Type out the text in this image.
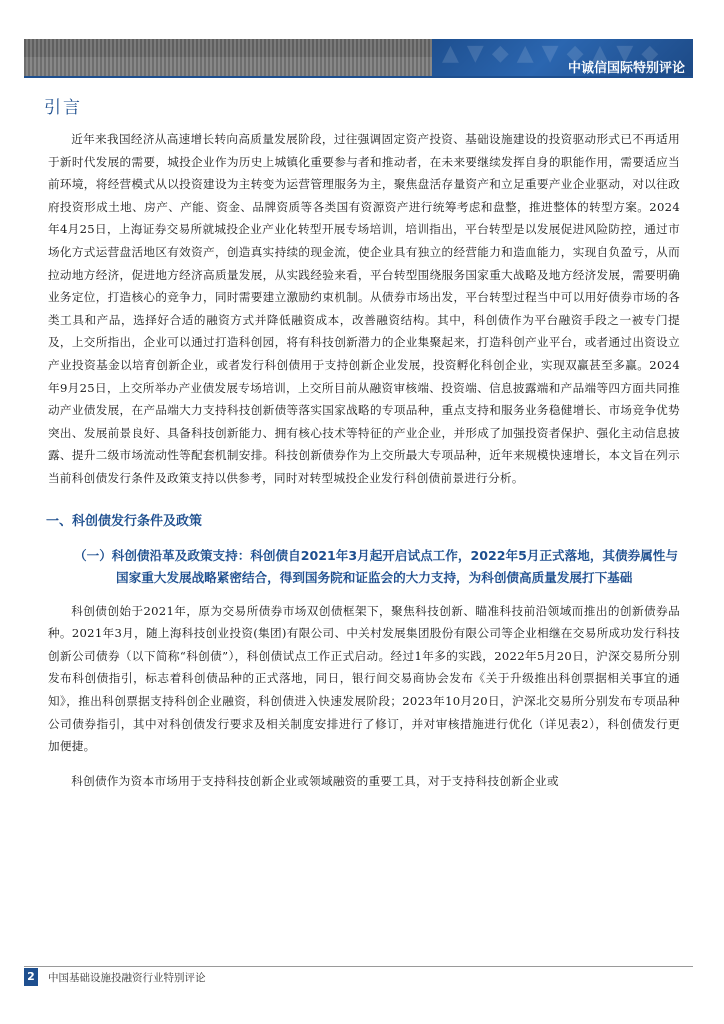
▲▼◆▲▼◆▲▼◆
中诚信国际特别评论
引言

近年来我国经济从高速增长转向高质量发展阶段，过往强调固定资产投资、基础设施建设的投资驱动形式已不再适用于新时代发展的需要，城投企业作为历史上城镇化重要参与者和推动者，在未来要继续发挥自身的职能作用，需要适应当前环境，将经营模式从以投资建设为主转变为运营管理服务为主，聚焦盘活存量资产和立足重要产业企业驱动，对以往政府投资形成土地、房产、产能、资金、品牌资质等各类国有资源资产进行统筹考虑和盘整，推进整体的转型方案。2024年4月25日，上海证券交易所就城投企业产业化转型开展专场培训，培训指出，平台转型是以发展促进风险防控，通过市场化方式运营盘活地区有效资产，创造真实持续的现金流，使企业具有独立的经营能力和造血能力，实现自负盈亏，从而拉动地方经济，促进地方经济高质量发展，从实践经验来看，平台转型围绕服务国家重大战略及地方经济发展，需要明确业务定位，打造核心的竞争力，同时需要建立激励约束机制。从债券市场出发，平台转型过程当中可以用好债券市场的各类工具和产品，选择好合适的融资方式并降低融资成本，改善融资结构。其中，科创债作为平台融资手段之一被专门提及，上交所指出，企业可以通过打造科创园，将有科技创新潜力的企业集聚起来，打造科创产业平台，或者通过出资设立产业投资基金以培育创新企业，或者发行科创债用于支持创新企业发展，投资孵化科创企业，实现双赢甚至多赢。2024年9月25日，上交所举办产业债发展专场培训，上交所目前从融资审核端、投资端、信息披露端和产品端等四方面共同推动产业债发展，在产品端大力支持科技创新债等落实国家战略的专项品种，重点支持和服务业务稳健增长、市场竞争优势突出、发展前景良好、具备科技创新能力、拥有核心技术等特征的产业企业，并形成了加强投资者保护、强化主动信息披露、提升二级市场流动性等配套机制安排。科技创新债券作为上交所最大专项品种，近年来规模快速增长，本文旨在列示当前科创债发行条件及政策支持以供参考，同时对转型城投企业发行科创债前景进行分析。

一、科创债发行条件及政策
（一）科创债沿革及政策支持：科创债自2021年3月起开启试点工作，2022年5月正式落地，其债券属性与国家重大发展战略紧密结合，得到国务院和证监会的大力支持，为科创债高质量发展打下基础

科创债创始于2021年，原为交易所债券市场双创债框架下，聚焦科技创新、瞄准科技前沿领域而推出的创新债券品种。2021年3月，随上海科技创业投资(集团)有限公司、中关村发展集团股份有限公司等企业相继在交易所成功发行科技创新公司债券（以下简称“科创债”），科创债试点工作正式启动。经过1年多的实践，2022年5月20日，沪深交易所分别发布科创债指引，标志着科创债品种的正式落地，同日，银行间交易商协会发布《关于升级推出科创票据相关事宜的通知》，推出科创票据支持科创企业融资，科创债进入快速发展阶段；2023年10月20日，沪深北交易所分别发布专项品种公司债券指引，其中对科创债发行要求及相关制度安排进行了修订，并对审核措施进行优化（详见表2），科创债发行更加便捷。

科创债作为资本市场用于支持科技创新企业或领域融资的重要工具，对于支持科技创新企业或

2	中国基础设施投融资行业特别评论
